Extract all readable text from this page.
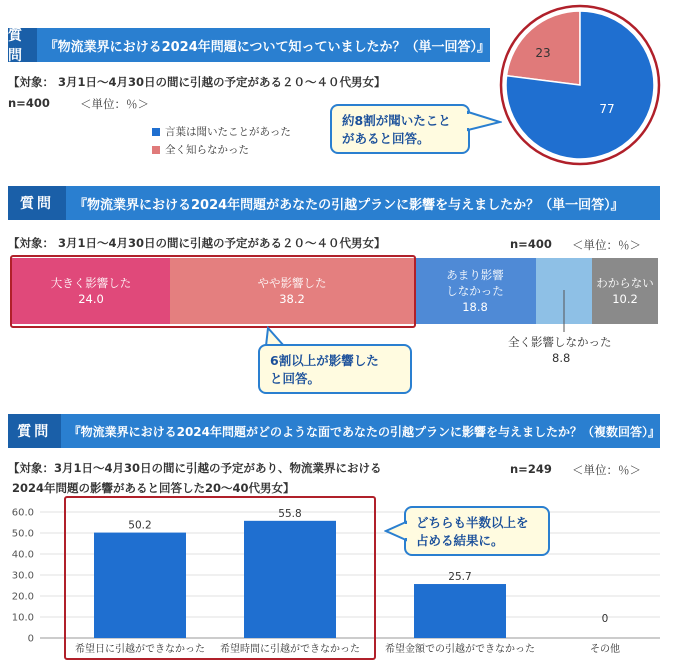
質問
『物流業界における2024年問題について知っていましたか？（単一回答）』
【対象： 3月1日～4月30日の間に引越の予定がある２０～４０代男女】
n=400	＜単位：％＞
言葉は聞いたことがあった
全く知らなかった
約8割が聞いたこと
があると回答。
23
77
質問	『物流業界における2024年問題があなたの引越プランに影響を与えましたか？（単一回答）』
【対象： 3月1日～4月30日の間に引越の予定がある２０～４０代男女】	n=400 ＜単位：％＞
大きく影響した
24.0
やや影響した
38.2
あまり影響
しなかった
18.8
わからない
10.2
全く影響しなかった
8.8
6割以上が影響した
と回答。
質問	『物流業界における2024年問題がどのような面であなたの引越プランに影響を与えましたか？（複数回答）』
【対象：3月1日～4月30日の間に引越の予定があり、物流業界における
2024年問題の影響があると回答した20～40代男女】
n=249 ＜単位：％＞
60.0
50.0
40.0
30.0
20.0
10.0
0
50.2
希望日に引越ができなかった
55.8
希望時間に引越ができなかった
25.7
希望金額での引越ができなかった
0
その他
どちらも半数以上を
占める結果に。
